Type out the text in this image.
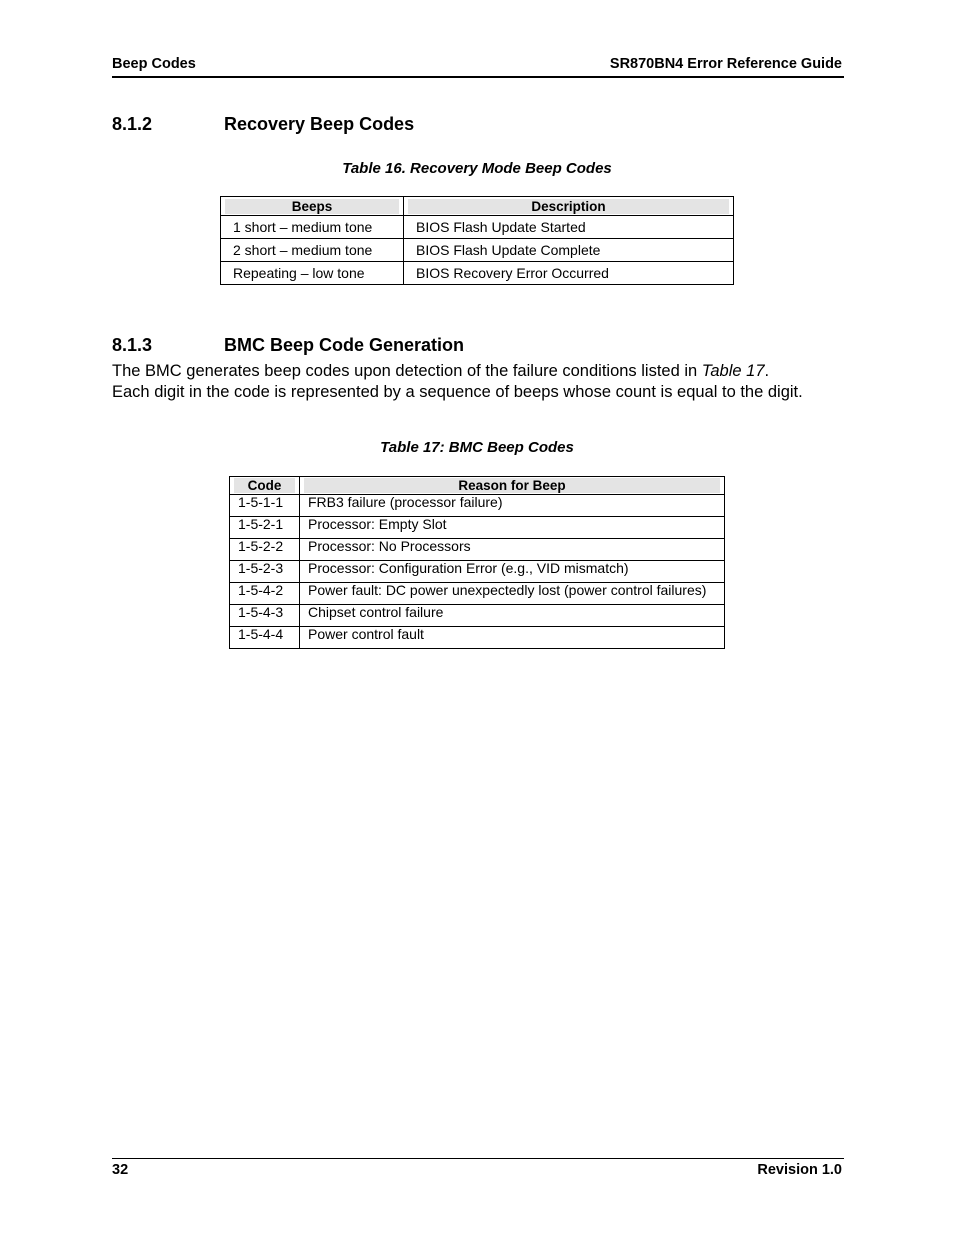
Beep Codes	SR870BN4 Error Reference Guide
8.1.2	Recovery Beep Codes
Table 16. Recovery Mode Beep Codes
Beeps	Description

1 short – medium tone	BIOS Flash Update Started
2 short – medium tone	BIOS Flash Update Complete
Repeating – low tone	BIOS Recovery Error Occurred
8.1.3	BMC Beep Code Generation
The BMC generates beep codes upon detection of the failure conditions listed in Table 17.
Each digit in the code is represented by a sequence of beeps whose count is equal to the digit.
Table 17: BMC Beep Codes
Code	Reason for Beep

1-5-1-1	FRB3 failure (processor failure)
1-5-2-1	Processor: Empty Slot
1-5-2-2	Processor: No Processors
1-5-2-3	Processor: Configuration Error (e.g., VID mismatch)
1-5-4-2	Power fault: DC power unexpectedly lost (power control failures)
1-5-4-3	Chipset control failure
1-5-4-4	Power control fault
32	Revision 1.0
